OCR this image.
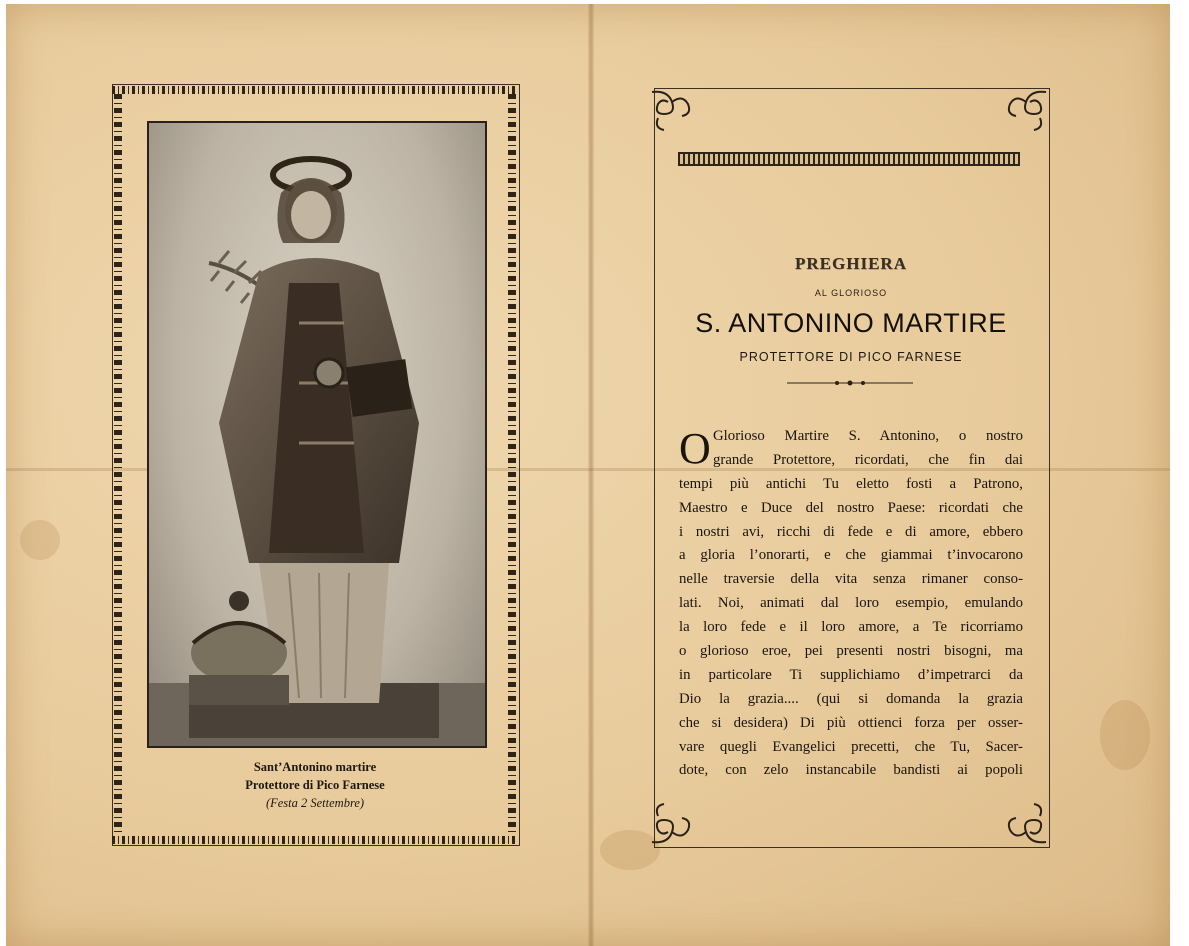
Sant’Antonino martire
Protettore di Pico Farnese
(Festa 2 Settembre)
PREGHIERA
AL GLORIOSO
S. ANTONINO MARTIRE
PROTETTORE DI PICO FARNESE
O Glorioso Martire S. Antonino, o nostro
grande Protettore, ricordati, che fin dai
tempi più antichi Tu eletto fosti a Patrono,
Maestro e Duce del nostro Paese: ricordati che
i nostri avi, ricchi di fede e di amore, ebbero
a gloria l’onorarti, e che giammai t’invocarono
nelle traversie della vita senza rimaner conso-
lati. Noi, animati dal loro esempio, emulando
la loro fede e il loro amore, a Te ricorriamo
o glorioso eroe, pei presenti nostri bisogni, ma
in particolare Ti supplichiamo d’impetrarci da
Dio la grazia.... (qui si domanda la grazia
che si desidera) Di più ottienci forza per osser-
vare quegli Evangelici precetti, che Tu, Sacer-
dote, con zelo instancabile bandisti ai popoli
